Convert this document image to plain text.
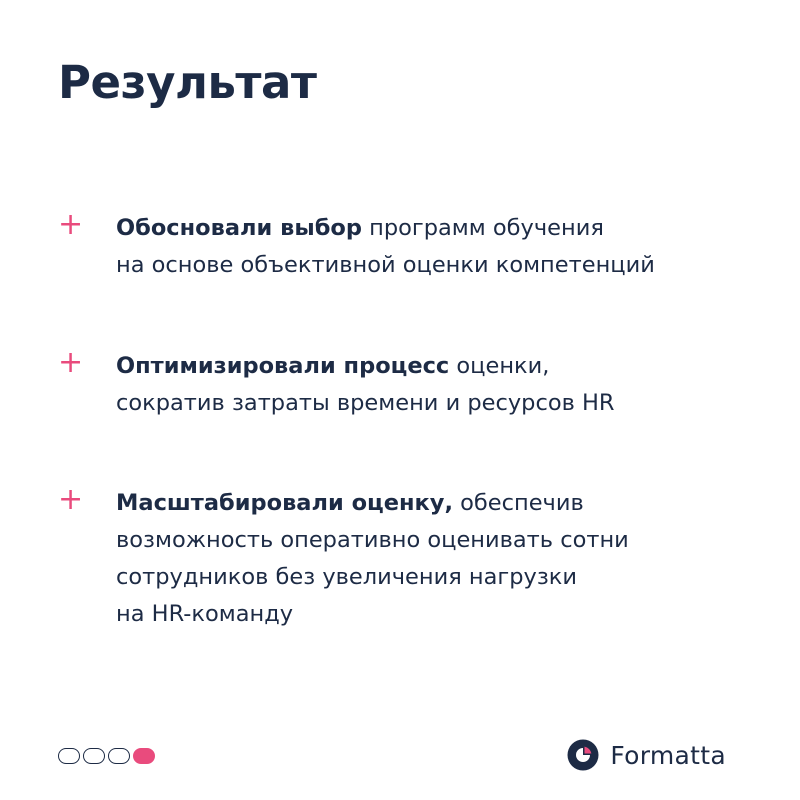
Результат
+	Обосновали выбор программ обучения
на основе объективной оценки компетенций
+	Оптимизировали процесс оценки,
сократив затраты времени и ресурсов HR
+	Масштабировали оценку, обеспечив
возможность оперативно оценивать сотни
сотрудников без увеличения нагрузки
на HR-команду
Formatta
